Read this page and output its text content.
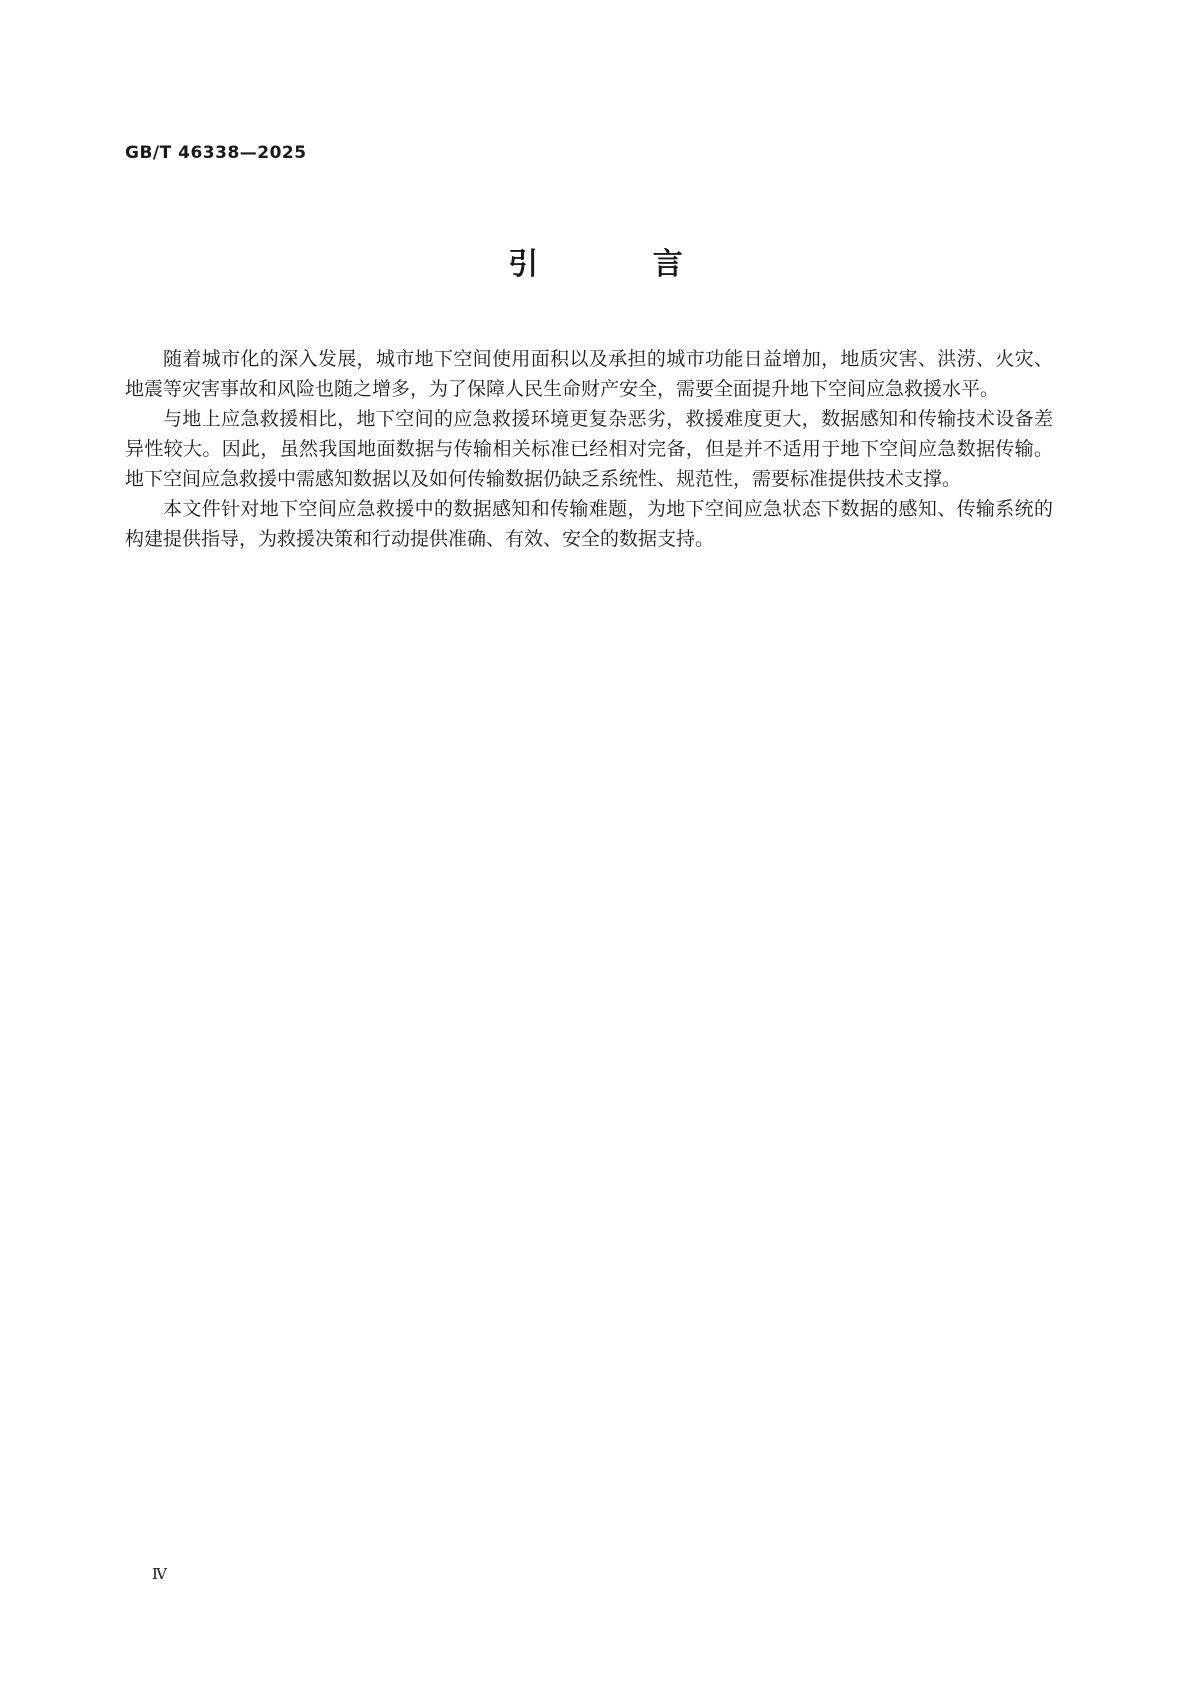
GB/T 46338—2025
引 言

随着城市化的深入发展，城市地下空间使用面积以及承担的城市功能日益增加，地质灾害、洪涝、火灾、地震等灾害事故和风险也随之增多，为了保障人民生命财产安全，需要全面提升地下空间应急救援水平。

与地上应急救援相比，地下空间的应急救援环境更复杂恶劣，救援难度更大，数据感知和传输技术设备差异性较大。因此，虽然我国地面数据与传输相关标准已经相对完备，但是并不适用于地下空间应急数据传输。地下空间应急救援中需感知数据以及如何传输数据仍缺乏系统性、规范性，需要标准提供技术支撑。

本文件针对地下空间应急救援中的数据感知和传输难题，为地下空间应急状态下数据的感知、传输系统的构建提供指导，为救援决策和行动提供准确、有效、安全的数据支持。

Ⅳ
